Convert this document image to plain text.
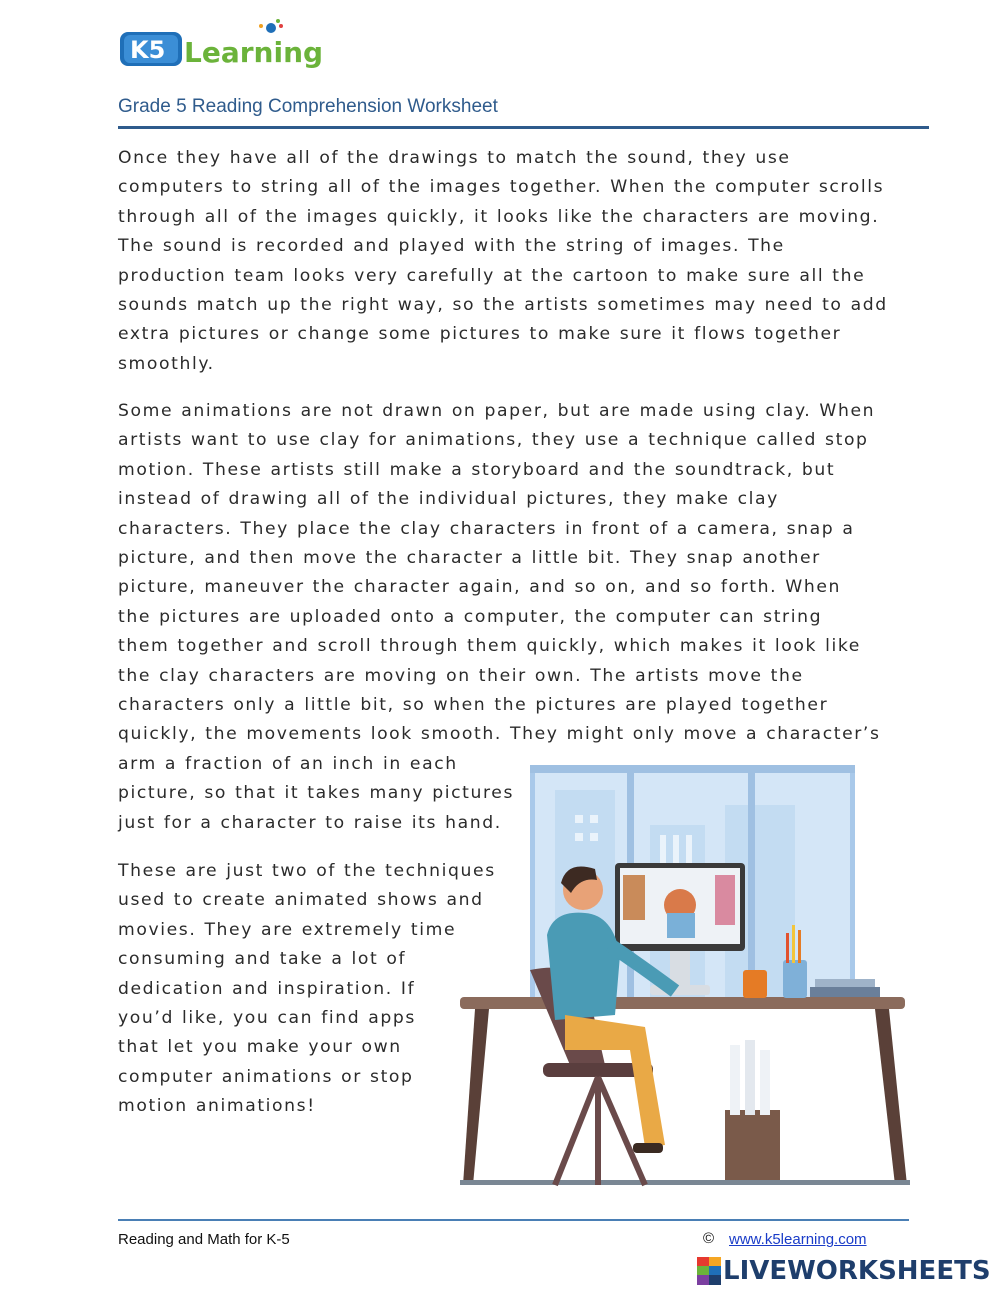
K5 Learning
Grade 5 Reading Comprehension Worksheet

Once they have all of the drawings to match the sound, they use
computers to string all of the images together. When the computer scrolls
through all of the images quickly, it looks like the characters are moving.
The sound is recorded and played with the string of images. The
production team looks very carefully at the cartoon to make sure all the
sounds match up the right way, so the artists sometimes may need to add
extra pictures or change some pictures to make sure it flows together
smoothly.

Some animations are not drawn on paper, but are made using clay. When
artists want to use clay for animations, they use a technique called stop
motion. These artists still make a storyboard and the soundtrack, but
instead of drawing all of the individual pictures, they make clay
characters. They place the clay characters in front of a camera, snap a
picture, and then move the character a little bit. They snap another
picture, maneuver the character again, and so on, and so forth. When
the pictures are uploaded onto a computer, the computer can string
them together and scroll through them quickly, which makes it look like
the clay characters are moving on their own. The artists move the
characters only a little bit, so when the pictures are played together
quickly, the movements look smooth. They might only move a character’s
arm a fraction of an inch in each
picture, so that it takes many pictures
just for a character to raise its hand.

These are just two of the techniques
used to create animated shows and
movies. They are extremely time
consuming and take a lot of
dedication and inspiration. If
you’d like, you can find apps
that let you make your own
computer animations or stop
motion animations!

Reading and Math for K-5	© www.k5learning.com
LIVEWORKSHEETS
